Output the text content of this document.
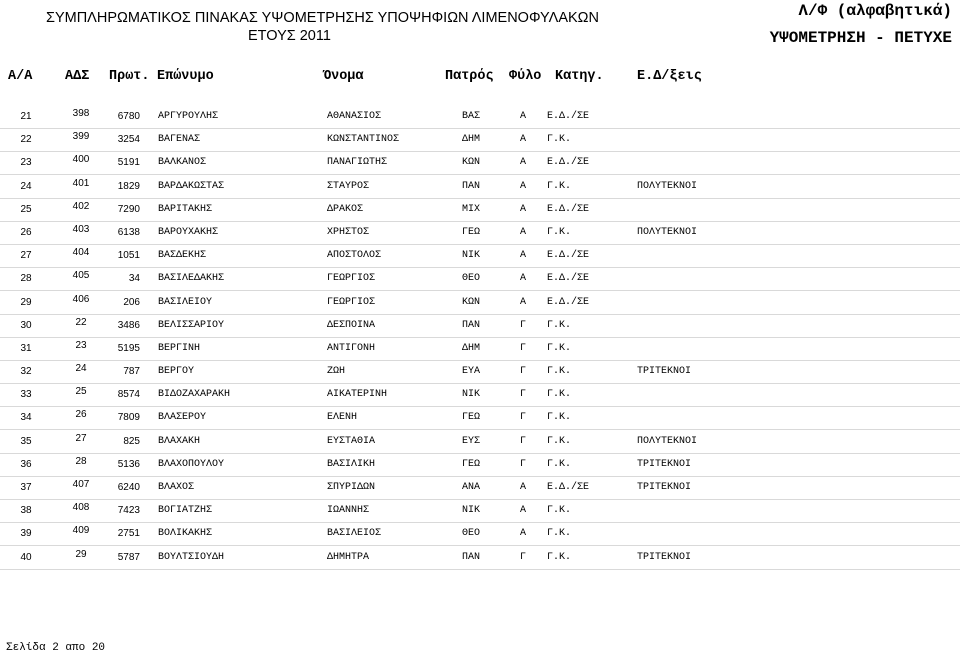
ΣΥΜΠΛΗΡΩΜΑΤΙΚΟΣ ΠΙΝΑΚΑΣ ΥΨΟΜΕΤΡΗΣΗΣ ΥΠΟΨΗΦΙΩΝ ΛΙΜΕΝΟΦΥΛΑΚΩΝ
ΕΤΟΥΣ 2011
Λ/Φ (αλφαβητικά)
ΥΨΟΜΕΤΡΗΣΗ - ΠΕΤΥΧΕ
Α/Α ΑΔΣ Πρωτ. Επώνυμο	Όνομα	Πατρός Φύλο Κατηγ. Ε.Δ/ξεις
21	398	6780 ΑΡΓΥΡΟΥΛΗΣ	ΑΘΑΝΑΣΙΟΣ	ΒΑΣ	Α Ε.Δ./ΣΕ
22	399	3254 ΒΑΓΕΝΑΣ	ΚΩΝΣΤΑΝΤΙΝΟΣ	ΔΗΜ	Α Γ.Κ.
23	400	5191 ΒΑΛΚΑΝΟΣ	ΠΑΝΑΓΙΩΤΗΣ	ΚΩΝ	Α Ε.Δ./ΣΕ
24	401	1829 ΒΑΡΔΑΚΩΣΤΑΣ	ΣΤΑΥΡΟΣ	ΠΑΝ	Α Γ.Κ.	ΠΟΛΥΤΕΚΝΟΙ
25	402	7290 ΒΑΡΙΤΑΚΗΣ	ΔΡΑΚΟΣ	ΜΙΧ	Α Ε.Δ./ΣΕ
26	403	6138 ΒΑΡΟΥΧΑΚΗΣ	ΧΡΗΣΤΟΣ	ΓΕΩ	Α Γ.Κ.	ΠΟΛΥΤΕΚΝΟΙ
27	404	1051 ΒΑΣΔΕΚΗΣ	ΑΠΟΣΤΟΛΟΣ	ΝΙΚ	Α Ε.Δ./ΣΕ
28	405	34 ΒΑΣΙΛΕΔΑΚΗΣ	ΓΕΩΡΓΙΟΣ	ΘΕΟ	Α Ε.Δ./ΣΕ
29	406	206 ΒΑΣΙΛΕΙΟΥ	ΓΕΩΡΓΙΟΣ	ΚΩΝ	Α Ε.Δ./ΣΕ
30	22	3486 ΒΕΛΙΣΣΑΡΙΟΥ	ΔΕΣΠΟΙΝΑ	ΠΑΝ	Γ Γ.Κ.
31	23	5195 ΒΕΡΓΙΝΗ	ΑΝΤΙΓΟΝΗ	ΔΗΜ	Γ Γ.Κ.
32	24	787 ΒΕΡΓΟΥ	ΖΩΗ	ΕΥΑ	Γ Γ.Κ.	ΤΡΙΤΕΚΝΟΙ
33	25	8574 ΒΙΔΟΖΑΧΑΡΑΚΗ	ΑΙΚΑΤΕΡΙΝΗ	ΝΙΚ	Γ Γ.Κ.
34	26	7809 ΒΛΑΣΕΡΟΥ	ΕΛΕΝΗ	ΓΕΩ	Γ Γ.Κ.
35	27	825 ΒΛΑΧΑΚΗ	ΕΥΣΤΑΘΙΑ	ΕΥΣ	Γ Γ.Κ.	ΠΟΛΥΤΕΚΝΟΙ
36	28	5136 ΒΛΑΧΟΠΟΥΛΟΥ	ΒΑΣΙΛΙΚΗ	ΓΕΩ	Γ Γ.Κ.	ΤΡΙΤΕΚΝΟΙ
37	407	6240 ΒΛΑΧΟΣ	ΣΠΥΡΙΔΩΝ	ΑΝΑ	Α Ε.Δ./ΣΕ	ΤΡΙΤΕΚΝΟΙ
38	408	7423 ΒΟΓΙΑΤΖΗΣ	ΙΩΑΝΝΗΣ	ΝΙΚ	Α Γ.Κ.
39	409	2751 ΒΟΛΙΚΑΚΗΣ	ΒΑΣΙΛΕΙΟΣ	ΘΕΟ	Α Γ.Κ.
40	29	5787 ΒΟΥΛΤΣΙΟΥΔΗ	ΔΗΜΗΤΡΑ	ΠΑΝ	Γ Γ.Κ.	ΤΡΙΤΕΚΝΟΙ
Σελίδα 2 απο 20
